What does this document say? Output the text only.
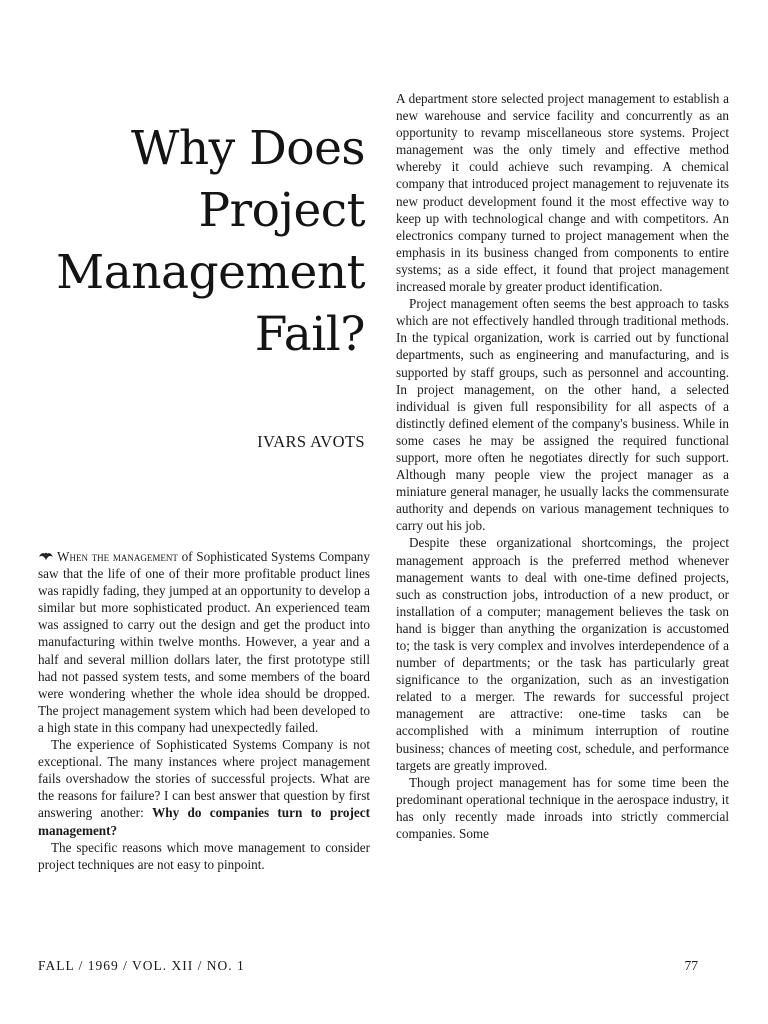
Why Does
Project
Management
Fail?
IVARS AVOTS

When the management of Sophisticated Systems Company saw that the life of one of their more profitable product lines was rapidly fading, they jumped at an opportunity to develop a similar but more sophisticated product. An experienced team was assigned to carry out the design and get the product into manufacturing within twelve months. However, a year and a half and several million dollars later, the first prototype still had not passed system tests, and some members of the board were wondering whether the whole idea should be dropped. The project management system which had been developed to a high state in this company had unexpectedly failed.

The experience of Sophisticated Systems Company is not exceptional. The many instances where project management fails overshadow the stories of successful projects. What are the reasons for failure? I can best answer that question by first answering another: Why do companies turn to project management?

The specific reasons which move management to consider project techniques are not easy to pinpoint.

A department store selected project management to establish a new warehouse and service facility and concurrently as an opportunity to revamp miscellaneous store systems. Project management was the only timely and effective method whereby it could achieve such revamping. A chemical company that introduced project management to rejuvenate its new product development found it the most effective way to keep up with technological change and with competitors. An electronics company turned to project management when the emphasis in its business changed from components to entire systems; as a side effect, it found that project management increased morale by greater product identification.

Project management often seems the best approach to tasks which are not effectively handled through traditional methods. In the typical organization, work is carried out by functional departments, such as engineering and manufacturing, and is supported by staff groups, such as personnel and accounting. In project management, on the other hand, a selected individual is given full responsibility for all aspects of a distinctly defined element of the company's business. While in some cases he may be assigned the required functional support, more often he negotiates directly for such support. Although many people view the project manager as a miniature general manager, he usually lacks the commensurate authority and depends on various management techniques to carry out his job.

Despite these organizational shortcomings, the project management approach is the preferred method whenever management wants to deal with one-time defined projects, such as construction jobs, introduction of a new product, or installation of a computer; management believes the task on hand is bigger than anything the organization is accustomed to; the task is very complex and involves interdependence of a number of departments; or the task has particularly great significance to the organization, such as an investigation related to a merger. The rewards for successful project management are attractive: one-time tasks can be accomplished with a minimum interruption of routine business; chances of meeting cost, schedule, and performance targets are greatly improved.

Though project management has for some time been the predominant operational technique in the aerospace industry, it has only recently made inroads into strictly commercial companies. Some

FALL / 1969 / VOL. XII / NO. 1	77
